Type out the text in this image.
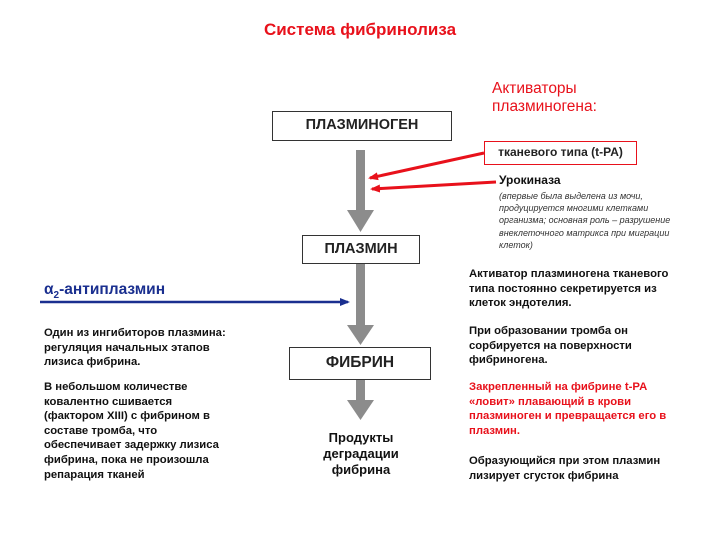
Система фибринолиза
ПЛАЗМИНОГЕН
ПЛАЗМИН
ФИБРИН
тканевого типа (t-PA)
Продукты
деградации
фибрина
Активаторы
плазминогена:
Урокиназа
(впервые была выделена из мочи,
продуцируется многими клетками
организма; основная роль – разрушение
внеклеточного матрикса при миграции
клеток)
$\alpha_2$-антиплазмин
Один из ингибиторов плазмина:
регуляция начальных этапов
лизиса фибрина.
В небольшом количестве
ковалентно сшивается
(фактором XIII) с фибрином в
составе тромба, что
обеспечивает задержку лизиса
фибрина, пока не произошла
репарация тканей
Активатор плазминогена тканевого
типа постоянно секретируется из
клеток эндотелия.
При образовании тромба он
сорбируется на поверхности
фибриногена.
Закрепленный на фибрине t-PA
«ловит» плавающий в крови
плазминоген и превращается его в
плазмин.
Образующийся при этом плазмин
лизирует сгусток фибрина
